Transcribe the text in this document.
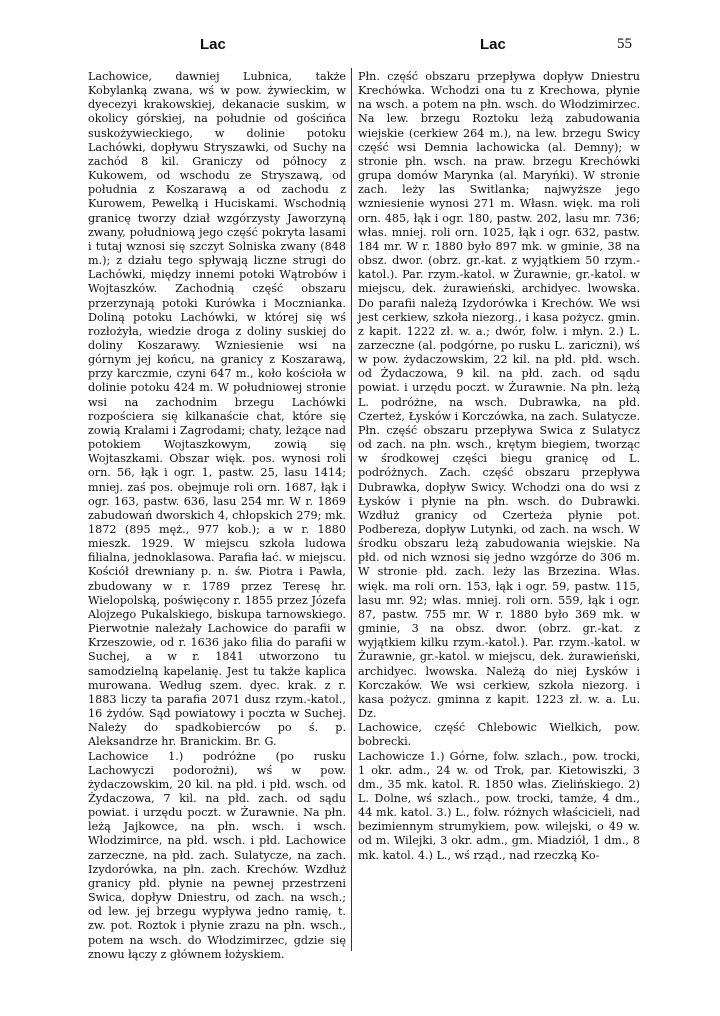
Lac	Lac	55

Lachowice, dawniej Lubnica, także Kobylanką zwana, wś w pow. żywieckim, w dyecezyi krakowskiej, dekanacie suskim, w okolicy górskiej, na południe od gościńca suskożywieckiego, w dolinie potoku Lachówki, dopływu Stryszawki, od Suchy na zachód 8 kil. Graniczy od północy z Kukowem, od wschodu ze Stryszawą, od południa z Koszarawą a od zachodu z Kurowem, Pewelką i Huciskami. Wschodnią granicę tworzy dział wzgórzysty Jaworzyną zwany, południową jego część pokryta lasami i tutaj wznosi się szczyt Solniska zwany (848 m.); z działu tego spływają liczne strugi do Lachówki, między innemi potoki Wątrobów i Wojtaszków. Zachodnią część obszaru przerzynają potoki Kurówka i Mocznianka. Doliną potoku Lachówki, w której się wś rozłożyła, wiedzie droga z doliny suskiej do doliny Koszarawy. Wzniesienie wsi na górnym jej końcu, na granicy z Koszarawą, przy karczmie, czyni 647 m., koło kościoła w dolinie potoku 424 m. W południowej stronie wsi na zachodnim brzegu Lachówki rozpościera się kilkanaście chat, które się zowią Kralami i Zagrodami; chaty, leżące nad potokiem Wojtaszkowym, zowią się Wojtaszkami. Obszar więk. pos. wynosi roli orn. 56, łąk i ogr. 1, pastw. 25, lasu 1414; mniej. zaś pos. obejmuje roli orn. 1687, łąk i ogr. 163, pastw. 636, lasu 254 mr. W r. 1869 zabudowań dworskich 4, chłopskich 279; mk. 1872 (895 męż., 977 kob.); a w r. 1880 mieszk. 1929. W miejscu szkoła ludowa filialna, jednoklasowa. Parafia łać. w miejscu. Kościół drewniany p. n. św. Piotra i Pawła, zbudowany w r. 1789 przez Teresę hr. Wielopolską, poświęcony r. 1855 przez Józefa Alojzego Pukalskiego, biskupa tarnowskiego. Pierwotnie należały Lachowice do parafii w Krzeszowie, od r. 1636 jako filia do parafii w Suchej, a w r. 1841 utworzono tu samodzielną kapelanię. Jest tu także kaplica murowana. Według szem. dyec. krak. z r. 1883 liczy ta parafia 2071 dusz rzym.-katol., 16 żydów. Sąd powiatowy i poczta w Suchej. Należy do spadkobierców po ś. p. Aleksandrze hr. Branickim. Br. G.

Lachowice 1.) podróżne (po rusku Lachowyczi podorożni), wś w pow. żydaczowskim, 20 kil. na płd. i płd. wsch. od Żydaczowa, 7 kil. na płd. zach. od sądu powiat. i urzędu poczt. w Żurawnie. Na płn. leżą Jajkowce, na płn. wsch. i wsch. Włodzimirce, na płd. wsch. i płd. Lachowice zarzeczne, na płd. zach. Sulatycze, na zach. Izydorówka, na płn. zach. Krechów. Wzdłuż granicy płd. płynie na pewnej przestrzeni Swica, dopływ Dniestru, od zach. na wsch.; od lew. jej brzegu wypływa jedno ramię, t. zw. pot. Roztok i płynie zrazu na płn. wsch., potem na wsch. do Włodzimirzec, gdzie się znowu łączy z głównem łożyskiem.

Płn. część obszaru przepływa dopływ Dniestru Krechówka. Wchodzi ona tu z Krechowa, płynie na wsch. a potem na płn. wsch. do Włodzimirzec. Na lew. brzegu Roztoku leżą zabudowania wiejskie (cerkiew 264 m.), na lew. brzegu Swicy część wsi Demnia lachowicka (al. Demny); w stronie płn. wsch. na praw. brzegu Krechówki grupa domów Marynka (al. Maryńki). W stronie zach. leży las Switlanka; najwyższe jego wzniesienie wynosi 271 m. Własn. więk. ma roli orn. 485, łąk i ogr. 180, pastw. 202, lasu mr. 736; włas. mniej. roli orn. 1025, łąk i ogr. 632, pastw. 184 mr. W r. 1880 było 897 mk. w gminie, 38 na obsz. dwor. (obrz. gr.-kat. z wyjątkiem 50 rzym.-katol.). Par. rzym.-katol. w Żurawnie, gr.-katol. w miejscu, dek. żurawieński, archidyec. lwowska. Do parafii należą Izydorówka i Krechów. We wsi jest cerkiew, szkoła niezorg., i kasa pożycz. gmin. z kapit. 1222 zł. w. a.; dwór, folw. i młyn. 2.) L. zarzeczne (al. podgórne, po rusku L. zariczni), wś w pow. żydaczowskim, 22 kil. na płd. płd. wsch. od Żydaczowa, 9 kil. na płd. zach. od sądu powiat. i urzędu poczt. w Żurawnie. Na płn. leżą L. podróżne, na wsch. Dubrawka, na płd. Czerteż, Łysków i Korczówka, na zach. Sulatycze. Płn. część obszaru przepływa Swica z Sulatycz od zach. na płn. wsch., krętym biegiem, tworząc w środkowej części biegu granicę od L. podróżnych. Zach. część obszaru przepływa Dubrawka, dopływ Swicy. Wchodzi ona do wsi z Łysków i płynie na płn. wsch. do Dubrawki. Wzdłuż granicy od Czerteża płynie pot. Podbereza, dopływ Lutynki, od zach. na wsch. W środku obszaru leżą zabudowania wiejskie. Na płd. od nich wznosi się jedno wzgórze do 306 m. W stronie płd. zach. leży las Brzezina. Włas. więk. ma roli orn. 153, łąk i ogr. 59, pastw. 115, lasu mr. 92; włas. mniej. roli orn. 559, łąk i ogr. 87, pastw. 755 mr. W r. 1880 było 369 mk. w gminie, 3 na obsz. dwor. (obrz. gr.-kat. z wyjątkiem kilku rzym.-katol.). Par. rzym.-katol. w Żurawnie, gr.-katol. w miejscu, dek. żurawieński, archidyec. lwowska. Należą do niej Łysków i Korczaków. We wsi cerkiew, szkoła niezorg. i kasa pożycz. gminna z kapit. 1223 zł. w. a. Lu. Dz.

Lachowice, część Chlebowic Wielkich, pow. bobrecki.

Lachowicze 1.) Górne, folw. szlach., pow. trocki, 1 okr. adm., 24 w. od Trok, par. Kietowiszki, 3 dm., 35 mk. katol. R. 1850 włas. Zielińskiego. 2) L. Dolne, wś szlach., pow. trocki, tamże, 4 dm., 44 mk. katol. 3.) L., folw. różnych właścicieli, nad bezimiennym strumykiem, pow. wilejski, o 49 w. od m. Wilejki, 3 okr. adm., gm. Miadziół, 1 dm., 8 mk. katol. 4.) L., wś rząd., nad rzeczką Ko-
